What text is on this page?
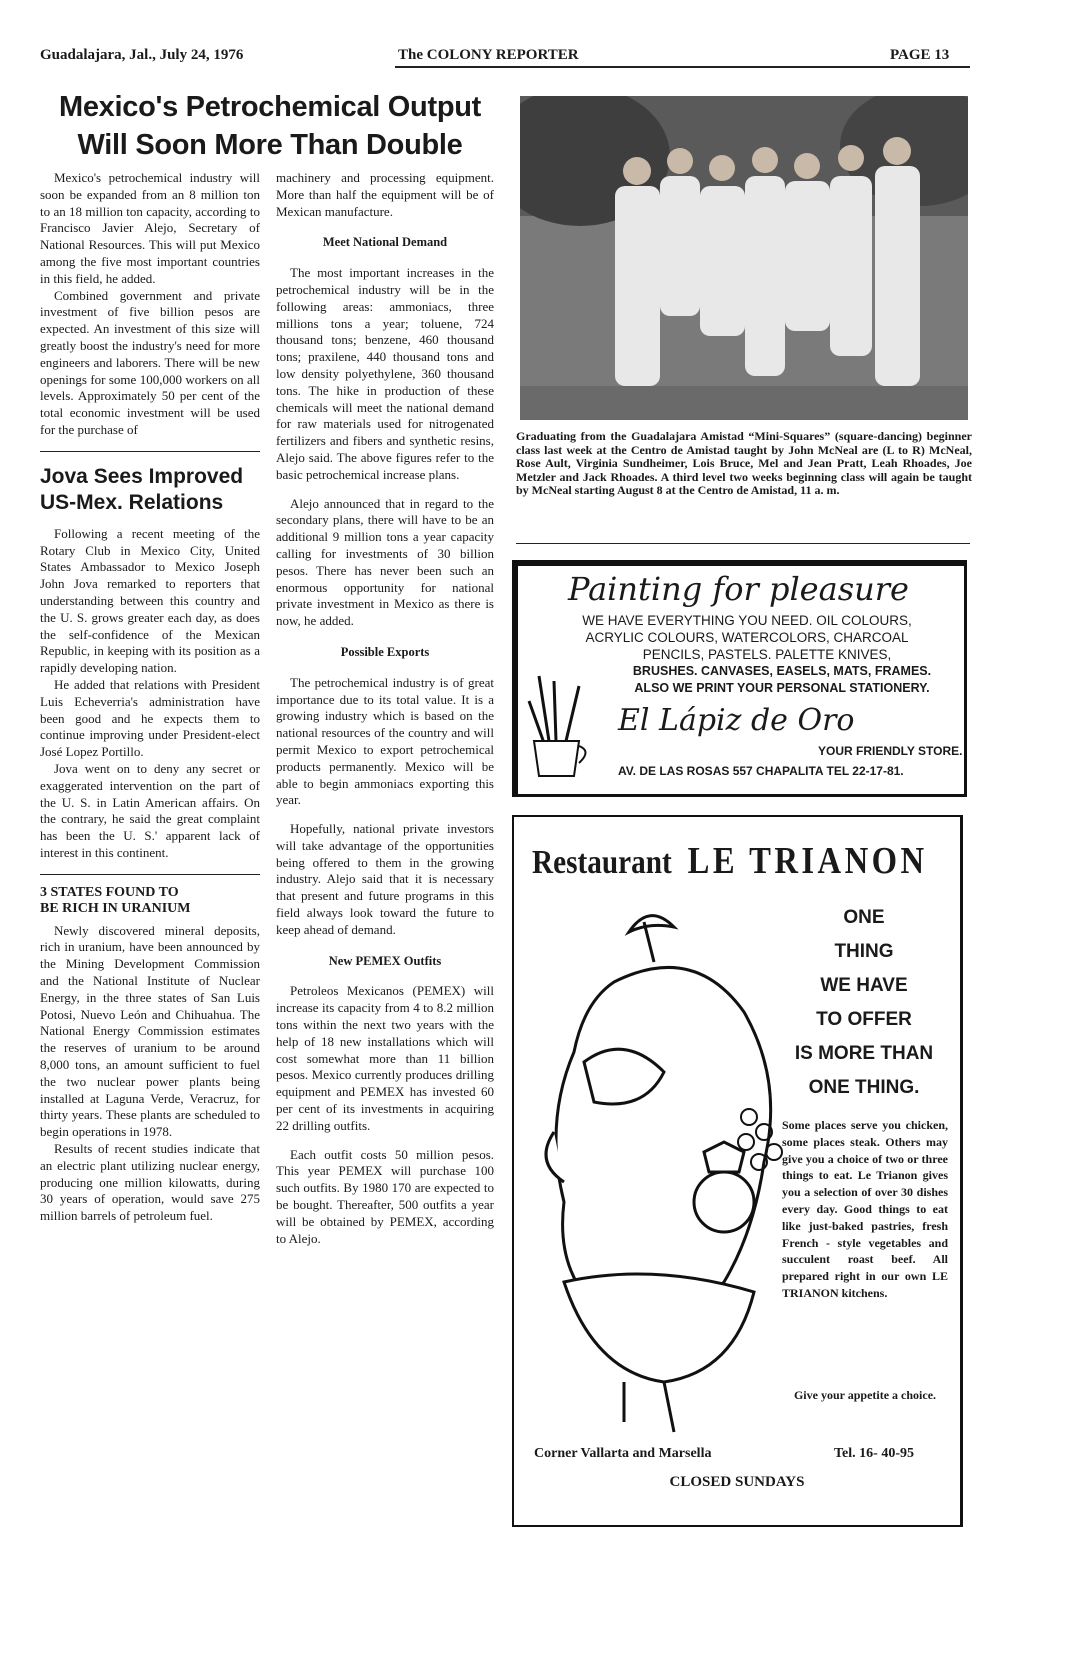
Guadalajara, Jal., July 24, 1976	The COLONY REPORTER	PAGE 13
Mexico's Petrochemical Output
Will Soon More Than Double

Mexico's petrochemical industry will soon be expanded from an 8 million ton to an 18 million ton capacity, according to Francisco Javier Alejo, Secretary of National Resources. This will put Mexico among the five most important countries in this field, he added.

Combined government and private investment of five billion pesos are expected. An investment of this size will greatly boost the industry's need for more engineers and laborers. There will be new openings for some 100,000 workers on all levels. Approximately 50 per cent of the total economic investment will be used for the purchase of

Jova Sees Improved
US-Mex. Relations

Following a recent meeting of the Rotary Club in Mexico City, United States Ambassador to Mexico Joseph John Jova remarked to reporters that understanding between this country and the U. S. grows greater each day, as does the self-confidence of the Mexican Republic, in keeping with its position as a rapidly developing nation.

He added that relations with President Luis Echeverria's administration have been good and he expects them to continue improving under President-elect José Lopez Portillo.

Jova went on to deny any secret or exaggerated intervention on the part of the U. S. in Latin American affairs. On the contrary, he said the great complaint has been the U. S.' apparent lack of interest in this continent.

3 STATES FOUND TO
BE RICH IN URANIUM

Newly discovered mineral deposits, rich in uranium, have been announced by the Mining Development Commission and the National Institute of Nuclear Energy, in the three states of San Luis Potosi, Nuevo León and Chihuahua. The National Energy Commission estimates the reserves of uranium to be around 8,000 tons, an amount sufficient to fuel the two nuclear power plants being installed at Laguna Verde, Veracruz, for thirty years. These plants are scheduled to begin operations in 1978.

Results of recent studies indicate that an electric plant utilizing nuclear energy, producing one million kilowatts, during 30 years of operation, would save 275 million barrels of petroleum fuel.

machinery and processing equipment. More than half the equipment will be of Mexican manufacture.

Meet National Demand

The most important increases in the petrochemical industry will be in the following areas: ammoniacs, three millions tons a year; toluene, 724 thousand tons; benzene, 460 thousand tons; praxilene, 440 thousand tons and low density polyethylene, 360 thousand tons. The hike in production of these chemicals will meet the national demand for raw materials used for nitrogenated fertilizers and fibers and synthetic resins, Alejo said. The above figures refer to the basic petrochemical increase plans.

Alejo announced that in regard to the secondary plans, there will have to be an additional 9 million tons a year capacity calling for investments of 30 billion pesos. There has never been such an enormous opportunity for national private investment in Mexico as there is now, he added.

Possible Exports

The petrochemical industry is of great importance due to its total value. It is a growing industry which is based on the national resources of the country and will permit Mexico to export petrochemical products permanently. Mexico will be able to begin ammoniacs exporting this year.

Hopefully, national private investors will take advantage of the opportunities being offered to them in the growing industry. Alejo said that it is necessary that present and future programs in this field always look toward the future to keep ahead of demand.

New PEMEX Outfits

Petroleos Mexicanos (PEMEX) will increase its capacity from 4 to 8.2 million tons within the next two years with the help of 18 new installations which will cost somewhat more than 11 billion pesos. Mexico currently produces drilling equipment and PEMEX has invested 60 per cent of its investments in acquiring 22 drilling outfits.

Each outfit costs 50 million pesos. This year PEMEX will purchase 100 such outfits. By 1980 170 are expected to be bought. Thereafter, 500 outfits a year will be obtained by PEMEX, according to Alejo.

Graduating from the Guadalajara Amistad “Mini-Squares” (square-dancing) beginner class last week at the Centro de Amistad taught by John McNeal are (L to R) McNeal, Rose Ault, Virginia Sundheimer, Lois Bruce, Mel and Jean Pratt, Leah Rhoades, Joe Metzler and Jack Rhoades. A third level two weeks beginning class will again be taught by McNeal starting August 8 at the Centro de Amistad, 11 a. m.
Painting for pleasure
WE HAVE EVERYTHING YOU NEED. OIL COLOURS,
ACRYLIC COLOURS, WATERCOLORS, CHARCOAL
PENCILS, PASTELS. PALETTE KNIVES,
BRUSHES. CANVASES, EASELS, MATS, FRAMES.
ALSO WE PRINT YOUR PERSONAL STATIONERY.
El Lápiz de Oro
YOUR FRIENDLY STORE.
AV. DE LAS ROSAS 557 CHAPALITA TEL 22-17-81.
Restaurant LE TRIANON
ONE
THING
WE HAVE
TO OFFER
IS MORE THAN
ONE THING.
Some places serve you chicken, some places steak. Others may give you a choice of two or three things to eat. Le Trianon gives you a selection of over 30 dishes every day. Good things to eat like just-baked pastries, fresh French - style vegetables and succulent roast beef. All prepared right in our own LE TRIANON kitchens.
Give your appetite a choice.
Corner Vallarta and Marsella	Tel. 16- 40-95
CLOSED SUNDAYS
